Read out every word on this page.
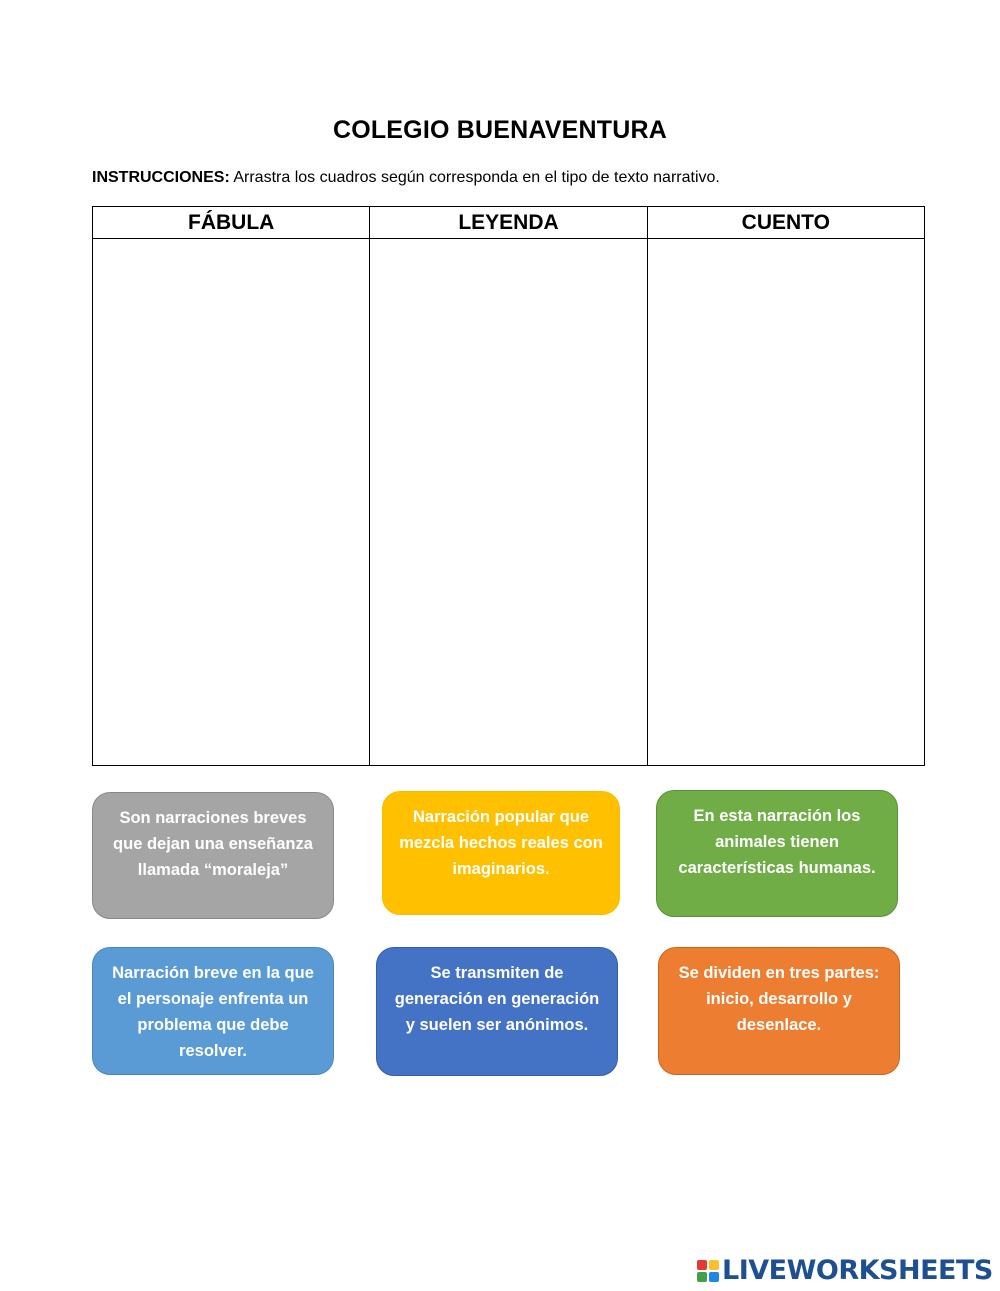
COLEGIO BUENAVENTURA
INSTRUCCIONES: Arrastra los cuadros según corresponda en el tipo de texto narrativo.
FÁBULA	LEYENDA	CUENTO

Son narraciones breves que dejan una enseñanza llamada “moraleja”
Narración popular que mezcla hechos reales con imaginarios.
En esta narración los animales tienen características humanas.
Narración breve en la que el personaje enfrenta un problema que debe resolver.
Se transmiten de generación en generación y suelen ser anónimos.
Se dividen en tres partes: inicio, desarrollo y desenlace.
LIVEWORKSHEETS
